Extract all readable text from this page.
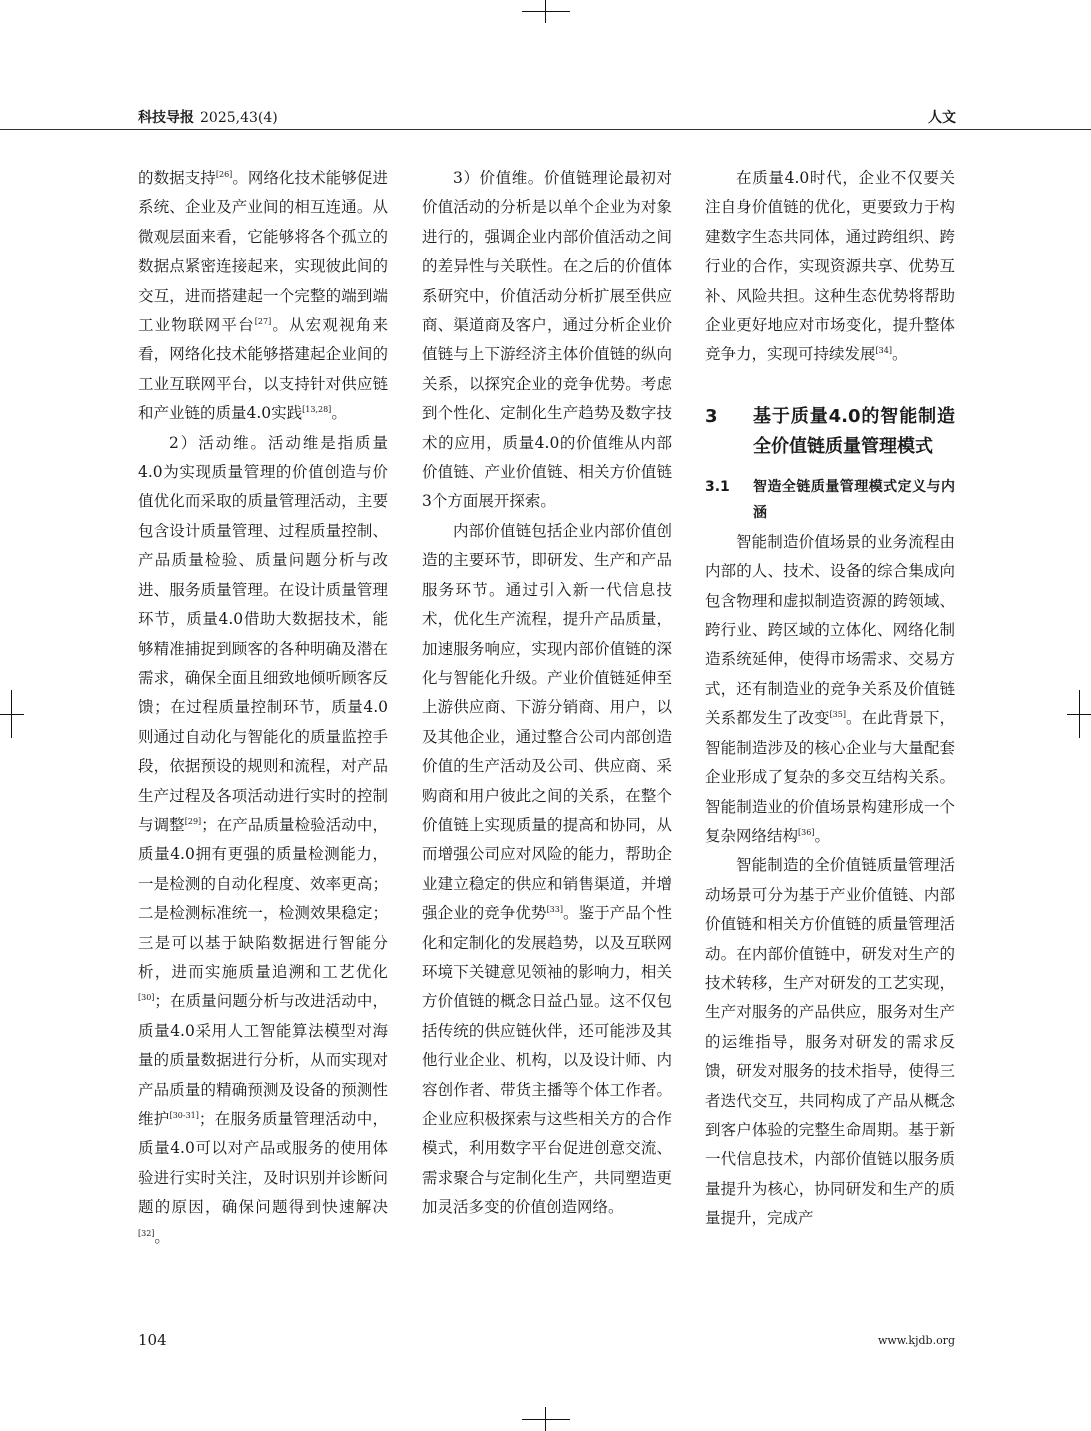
科技导报 2025,43(4)	人文

的数据支持[26]。网络化技术能够促进系统、企业及产业间的相互连通。从微观层面来看，它能够将各个孤立的数据点紧密连接起来，实现彼此间的交互，进而搭建起一个完整的端到端工业物联网平台[27]。从宏观视角来看，网络化技术能够搭建起企业间的工业互联网平台，以支持针对供应链和产业链的质量4.0实践[13,28]。

2）活动维。活动维是指质量4.0为实现质量管理的价值创造与价值优化而采取的质量管理活动，主要包含设计质量管理、过程质量控制、产品质量检验、质量问题分析与改进、服务质量管理。在设计质量管理环节，质量4.0借助大数据技术，能够精准捕捉到顾客的各种明确及潜在需求，确保全面且细致地倾听顾客反馈；在过程质量控制环节，质量4.0则通过自动化与智能化的质量监控手段，依据预设的规则和流程，对产品生产过程及各项活动进行实时的控制与调整[29]；在产品质量检验活动中，质量4.0拥有更强的质量检测能力，一是检测的自动化程度、效率更高；二是检测标准统一，检测效果稳定；三是可以基于缺陷数据进行智能分析，进而实施质量追溯和工艺优化[30]；在质量问题分析与改进活动中，质量4.0采用人工智能算法模型对海量的质量数据进行分析，从而实现对产品质量的精确预测及设备的预测性维护[30-31]；在服务质量管理活动中，质量4.0可以对产品或服务的使用体验进行实时关注，及时识别并诊断问题的原因，确保问题得到快速解决[32]。

3）价值维。价值链理论最初对价值活动的分析是以单个企业为对象进行的，强调企业内部价值活动之间的差异性与关联性。在之后的价值体系研究中，价值活动分析扩展至供应商、渠道商及客户，通过分析企业价值链与上下游经济主体价值链的纵向关系，以探究企业的竞争优势。考虑到个性化、定制化生产趋势及数字技术的应用，质量4.0的价值维从内部价值链、产业价值链、相关方价值链3个方面展开探索。

内部价值链包括企业内部价值创造的主要环节，即研发、生产和产品服务环节。通过引入新一代信息技术，优化生产流程，提升产品质量，加速服务响应，实现内部价值链的深化与智能化升级。产业价值链延伸至上游供应商、下游分销商、用户，以及其他企业，通过整合公司内部创造价值的生产活动及公司、供应商、采购商和用户彼此之间的关系，在整个价值链上实现质量的提高和协同，从而增强公司应对风险的能力，帮助企业建立稳定的供应和销售渠道，并增强企业的竞争优势[33]。鉴于产品个性化和定制化的发展趋势，以及互联网环境下关键意见领袖的影响力，相关方价值链的概念日益凸显。这不仅包括传统的供应链伙伴，还可能涉及其他行业企业、机构，以及设计师、内容创作者、带货主播等个体工作者。企业应积极探索与这些相关方的合作模式，利用数字平台促进创意交流、需求聚合与定制化生产，共同塑造更加灵活多变的价值创造网络。

在质量4.0时代，企业不仅要关注自身价值链的优化，更要致力于构建数字生态共同体，通过跨组织、跨行业的合作，实现资源共享、优势互补、风险共担。这种生态优势将帮助企业更好地应对市场变化，提升整体竞争力，实现可持续发展[34]。

3	基于质量4.0的智能制造全价值链质量管理模式
3.1	智造全链质量管理模式定义与内涵

智能制造价值场景的业务流程由内部的人、技术、设备的综合集成向包含物理和虚拟制造资源的跨领域、跨行业、跨区域的立体化、网络化制造系统延伸，使得市场需求、交易方式，还有制造业的竞争关系及价值链关系都发生了改变[35]。在此背景下，智能制造涉及的核心企业与大量配套企业形成了复杂的多交互结构关系。智能制造业的价值场景构建形成一个复杂网络结构[36]。

智能制造的全价值链质量管理活动场景可分为基于产业价值链、内部价值链和相关方价值链的质量管理活动。在内部价值链中，研发对生产的技术转移，生产对研发的工艺实现，生产对服务的产品供应，服务对生产的运维指导，服务对研发的需求反馈，研发对服务的技术指导，使得三者迭代交互，共同构成了产品从概念到客户体验的完整生命周期。基于新一代信息技术，内部价值链以服务质量提升为核心，协同研发和生产的质量提升，完成产

104	www.kjdb.org
